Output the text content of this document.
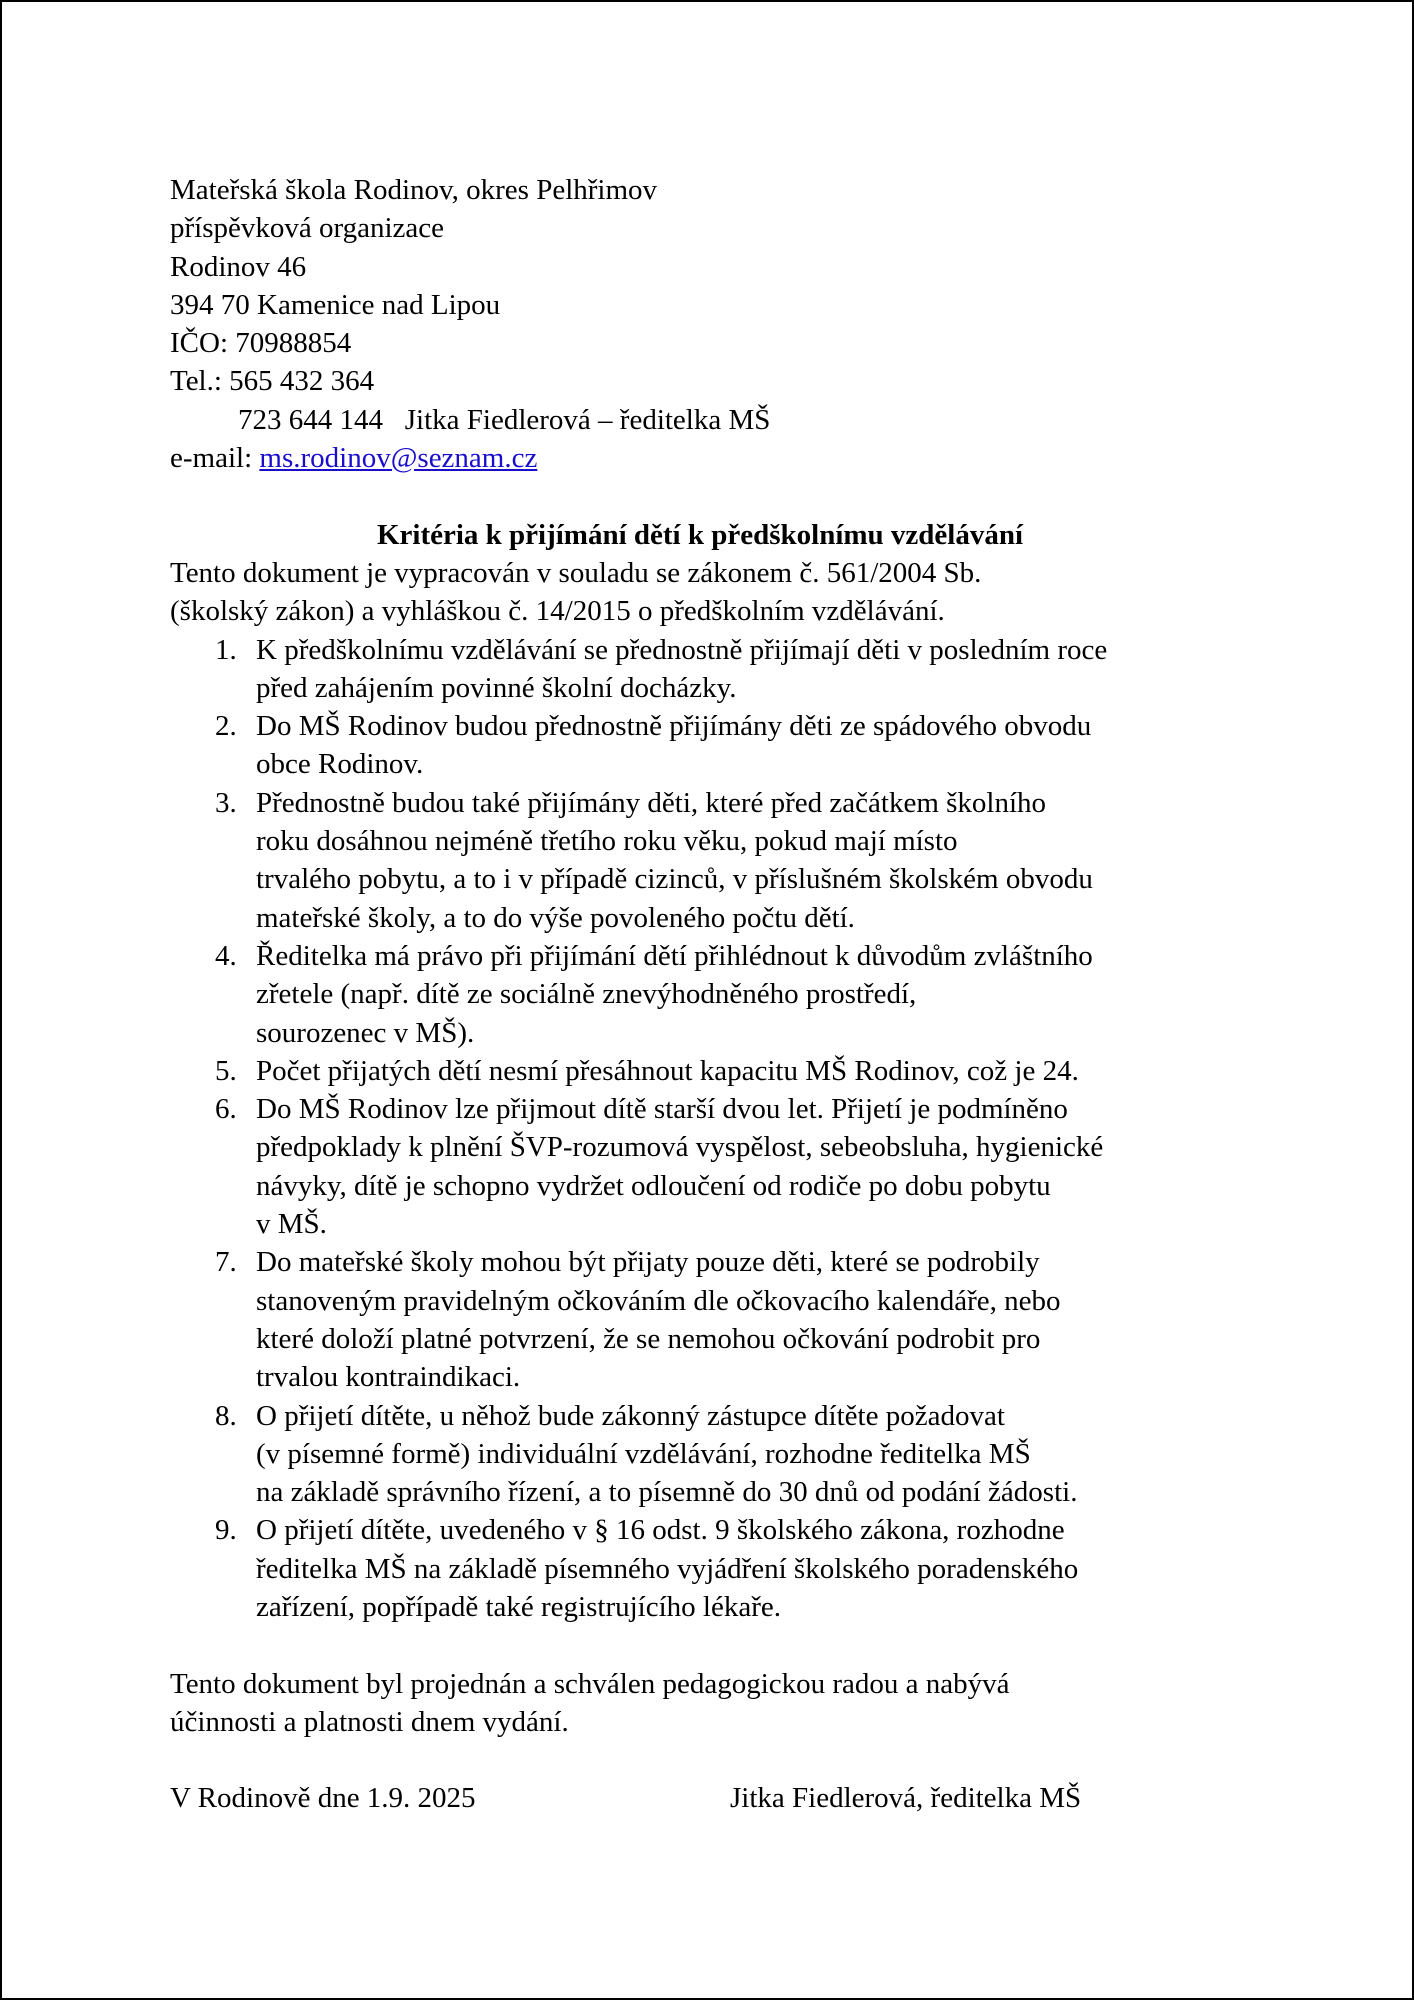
Mateřská škola Rodinov, okres Pelhřimov
příspěvková organizace
Rodinov 46
394 70 Kamenice nad Lipou
IČO: 70988854
Tel.: 565 432 364
723 644 144   Jitka Fiedlerová – ředitelka MŠ
e-mail: ms.rodinov@seznam.cz
Kritéria k přijímání dětí k předškolnímu vzdělávání
Tento dokument je vypracován v souladu se zákonem č. 561/2004 Sb.
(školský zákon) a vyhláškou č. 14/2015 o předškolním vzdělávání.
1. K předškolnímu vzdělávání se přednostně přijímají děti v posledním roce
před zahájením povinné školní docházky.
2. Do MŠ Rodinov budou přednostně přijímány děti ze spádového obvodu
obce Rodinov.
3. Přednostně budou také přijímány děti, které před začátkem školního
roku dosáhnou nejméně třetího roku věku, pokud mají místo
trvalého pobytu, a to i v případě cizinců, v příslušném školském obvodu
mateřské školy, a to do výše povoleného počtu dětí.
4. Ředitelka má právo při přijímání dětí přihlédnout k důvodům zvláštního
zřetele (např. dítě ze sociálně znevýhodněného prostředí,
sourozenec v MŠ).
5. Počet přijatých dětí nesmí přesáhnout kapacitu MŠ Rodinov, což je 24.
6. Do MŠ Rodinov lze přijmout dítě starší dvou let. Přijetí je podmíněno
předpoklady k plnění ŠVP-rozumová vyspělost, sebeobsluha, hygienické
návyky, dítě je schopno vydržet odloučení od rodiče po dobu pobytu
v MŠ.
7. Do mateřské školy mohou být přijaty pouze děti, které se podrobily
stanoveným pravidelným očkováním dle očkovacího kalendáře, nebo
které doloží platné potvrzení, že se nemohou očkování podrobit pro
trvalou kontraindikaci.
8. O přijetí dítěte, u něhož bude zákonný zástupce dítěte požadovat
(v písemné formě) individuální vzdělávání, rozhodne ředitelka MŠ
na základě správního řízení, a to písemně do 30 dnů od podání žádosti.
9. O přijetí dítěte, uvedeného v § 16 odst. 9 školského zákona, rozhodne
ředitelka MŠ na základě písemného vyjádření školského poradenského
zařízení, popřípadě také registrujícího lékaře.
Tento dokument byl projednán a schválen pedagogickou radou a nabývá
účinnosti a platnosti dnem vydání.
V Rodinově dne 1.9. 2025	Jitka Fiedlerová, ředitelka MŠ
